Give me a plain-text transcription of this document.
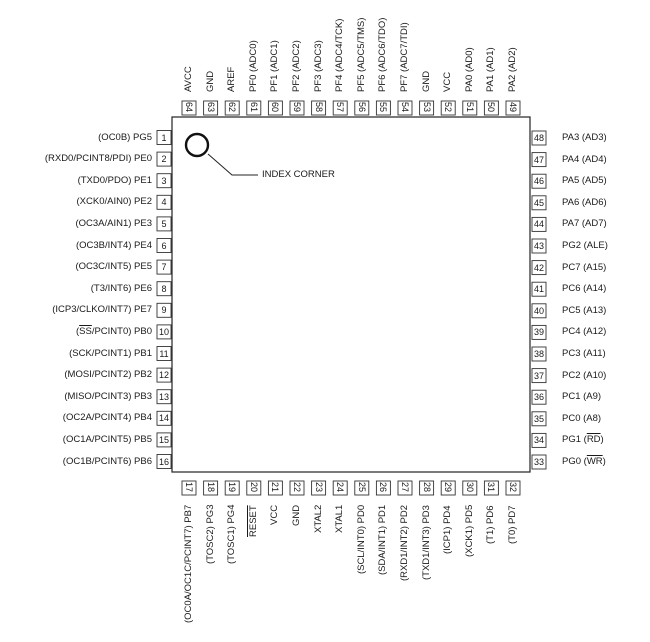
1
(OC0B) PG5
2
(RXD0/PCINT8/PDI) PE0
3
(TXD0/PDO) PE1
4
(XCK0/AIN0) PE2
5
(OC3A/AIN1) PE3
6
(OC3B/INT4) PE4
7
(OC3C/INT5) PE5
8
(T3/INT6) PE6
9
(ICP3/CLKO/INT7) PE7
10
$(\overline{SS}/PCINT0)$ PB0
11
(SCK/PCINT1) PB1
12
(MOSI/PCINT2) PB2
13
(MISO/PCINT3) PB3
14
(OC2A/PCINT4) PB4
15
(OC1A/PCINT5) PB5
16
(OC1B/PCINT6) PB6
48 PA3 (AD3)
47 PA4 (AD4)
46 PA5 (AD5)
45 PA6 (AD6)
44 PA7 (AD7)
43 PG2 (ALE)
42 PC7 (A15)
41 PC6 (A14)
40 PC5 (A13)
39 PC4 (A12)
38 PC3 (A11)
37 PC2 (A10)
36 PC1 (A9)
35 PC0 (A8)
34 PG1 $(\overline{RD})$
33 PG0 $(\overline{WR})$
64
AVCC
63
GND
62
AREF
61
PF0 (ADC0)
60
PF1 (ADC1)
59
PF2 (ADC2)
58
PF3 (ADC3)
57
PF4 (ADC4/TCK)
56
PF5 (ADC5/TMS)
55
PF6 (ADC6/TDO)
54
PF7 (ADC7/TDI)
53
GND
52
VCC
51
PA0 (AD0)
50
PA1 (AD1)
49
PA2 (AD2)
17
(OC0A/OC1C/PCINT7) PB7
18
(TOSC2) PG3
19
(TOSC1) PG4
20
RESET
21
VCC
22
GND
23
XTAL2
24
XTAL1
25
(SCL/INT0) PD0
26
(SDA/INT1) PD1
27
(RXD1/INT2) PD2
28
(TXD1/INT3) PD3
29
(ICP1) PD4
30
(XCK1) PD5
31
(T1) PD6
32
(T0) PD7
INDEX CORNER
